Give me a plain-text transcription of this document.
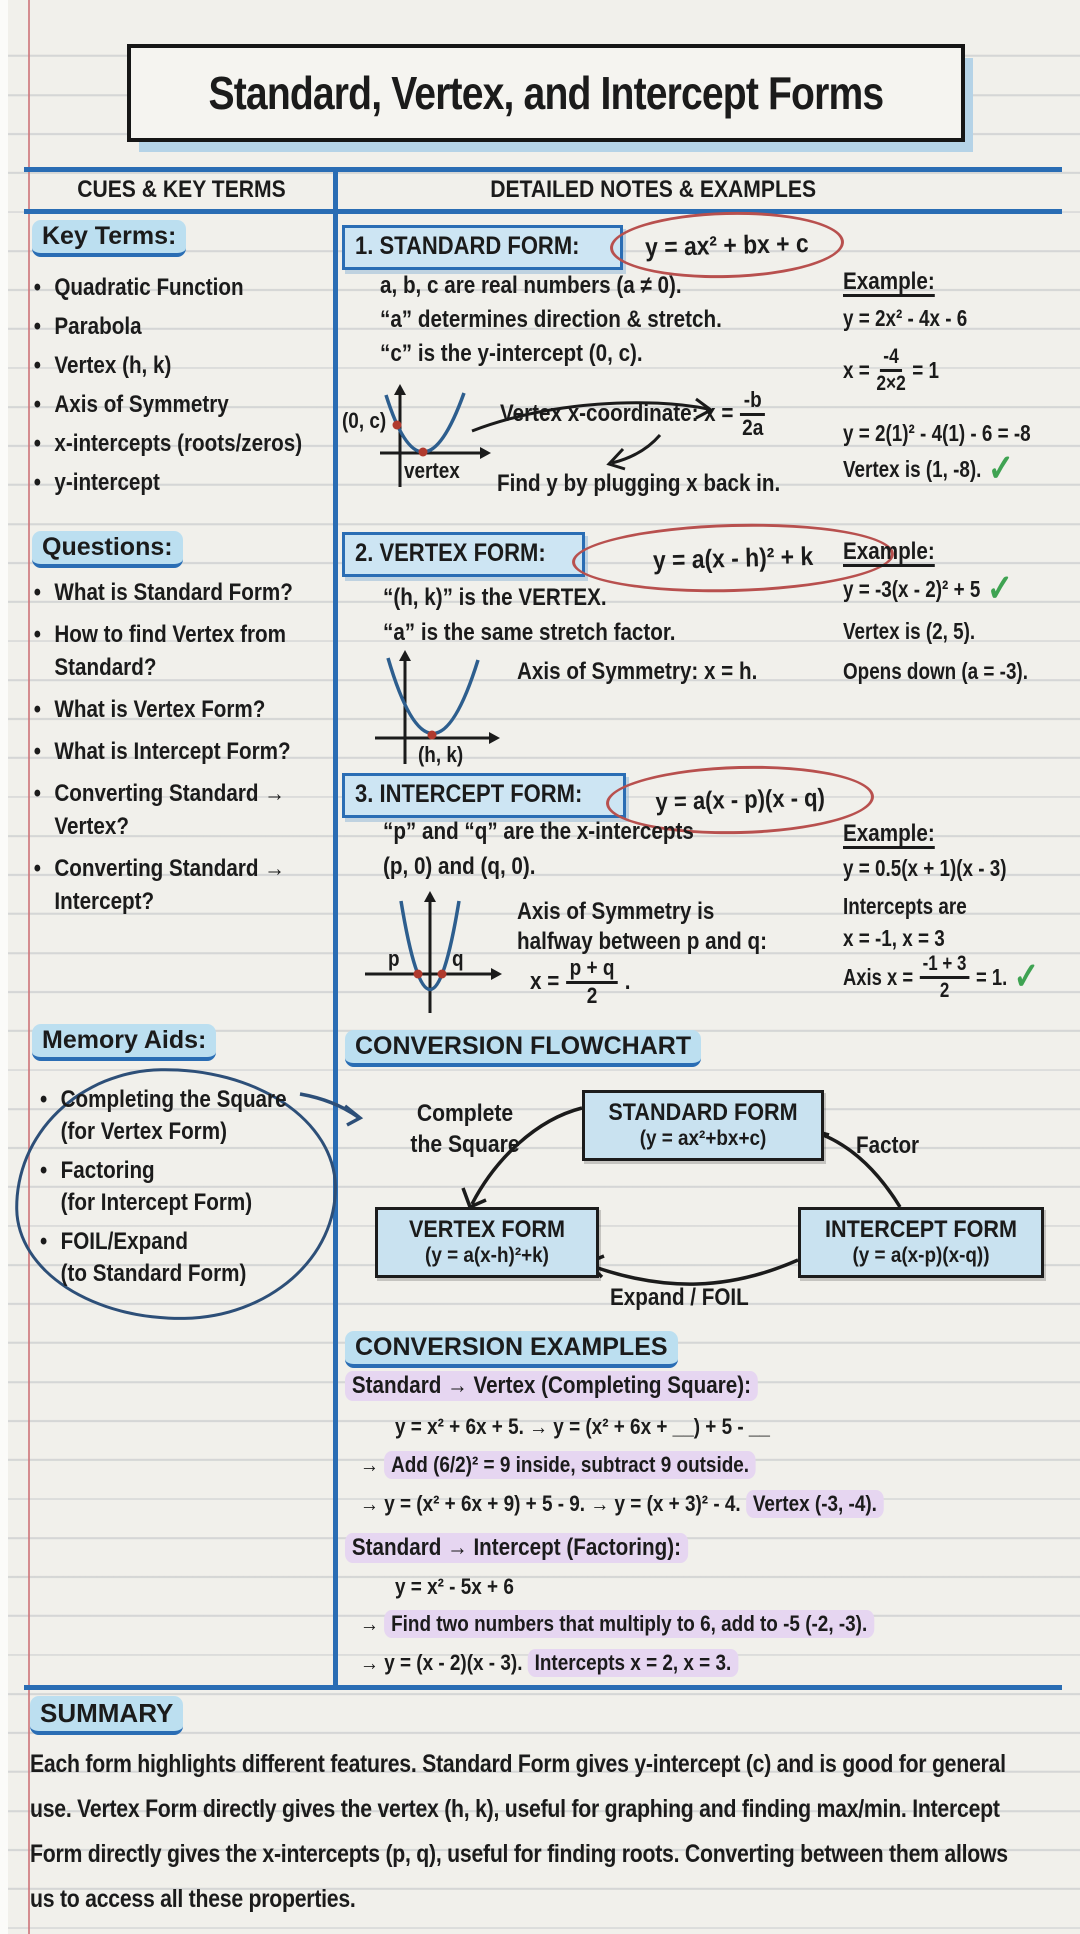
Standard, Vertex, and Intercept Forms
CUES & KEY TERMS	DETAILED NOTES & EXAMPLES
Key Terms:
• Quadratic Function
• Parabola
• Vertex (h, k)
• Axis of Symmetry
• x-intercepts (roots/zeros)
• y-intercept
Questions:
• What is Standard Form?
• How to find Vertex from Standard?
• What is Vertex Form?
• What is Intercept Form?
• Converting Standard → Vertex?
• Converting Standard → Intercept?
Memory Aids:
• Completing the Square
(for Vertex Form)
• Factoring
(for Intercept Form)
• FOIL/Expand
(to Standard Form)
1. STANDARD FORM:	y = ax² + bx + c
a, b, c are real numbers (a ≠ 0).
“a” determines direction & stretch.
“c” is the y-intercept (0, c).
(0, c)
vertex
Vertex x-coordinate: $x = \frac{-b}{2a}$
Find y by plugging x back in.
Example:
y = 2x² - 4x - 6
$x = \frac{-4}{2\times 2} = 1$
y = 2(1)² - 4(1) - 6 = -8
Vertex is (1, -8). ✓
2. VERTEX FORM:	y = a(x - h)² + k
“(h, k)” is the VERTEX.
“a” is the same stretch factor.
Axis of Symmetry: x = h.
(h, k)
Example:
y = -3(x - 2)² + 5 ✓
Vertex is (2, 5).
Opens down (a = -3).
3. INTERCEPT FORM:	y = a(x - p)(x - q)
“p” and “q” are the x-intercepts
(p, 0) and (q, 0).
p q
Axis of Symmetry is
halfway between p and q:
$x = \frac{p + q}{2}$ .
Example:
y = 0.5(x + 1)(x - 3)
Intercepts are
x = -1, x = 3
Axis $x = \frac{-1 + 3}{2} = 1$. ✓
CONVERSION FLOWCHART
STANDARD FORM
(y = ax²+bx+c)
VERTEX FORM
(y = a(x-h)²+k)
INTERCEPT FORM
(y = a(x-p)(x-q))
Complete the Square	Factor
Expand / FOIL
CONVERSION EXAMPLES
Standard → Vertex (Completing Square):
y = x² + 6x + 5. → y = (x² + 6x + __) + 5 - __
→ Add (6/2)² = 9 inside, subtract 9 outside.
→ y = (x² + 6x + 9) + 5 - 9. → y = (x + 3)² - 4. Vertex (-3, -4).
Standard → Intercept (Factoring):
y = x² - 5x + 6
→ Find two numbers that multiply to 6, add to -5 (-2, -3).
→ y = (x - 2)(x - 3). Intercepts x = 2, x = 3.
SUMMARY
Each form highlights different features. Standard Form gives y-intercept (c) and is good for general use. Vertex Form directly gives the vertex (h, k), useful for graphing and finding max/min. Intercept Form directly gives the x-intercepts (p, q), useful for finding roots. Converting between them allows us to access all these properties.
